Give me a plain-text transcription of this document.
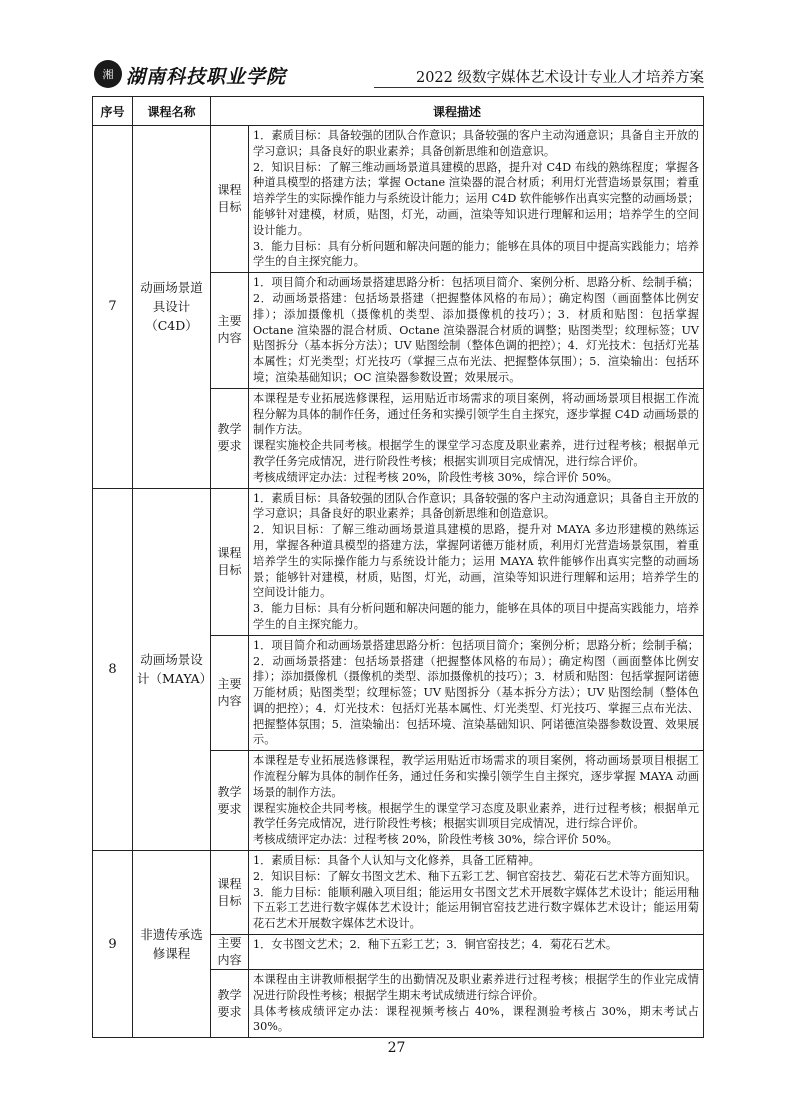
湘 湖南科技职业学院	2022 级数字媒体艺术设计专业人才培养方案
序号	课程名称	课程描述	
7	动画场景道具设计（C4D）	课程目标	1．素质目标：具备较强的团队合作意识；具备较强的客户主动沟通意识；具备自主开放的学习意识；具备良好的职业素养；具备创新思维和创造意识。
2．知识目标：了解三维动画场景道具建模的思路，提升对 C4D 布线的熟练程度；掌握各种道具模型的搭建方法；掌握 Octane 渲染器的混合材质；利用灯光营造场景氛围；着重培养学生的实际操作能力与系统设计能力；运用 C4D 软件能够作出真实完整的动画场景；能够针对建模，材质，贴图，灯光，动画，渲染等知识进行理解和运用；培养学生的空间设计能力。
3．能力目标：具有分析问题和解决问题的能力；能够在具体的项目中提高实践能力；培养学生的自主探究能力。

		主要内容	1．项目简介和动画场景搭建思路分析：包括项目简介、案例分析、思路分析、绘制手稿；2．动画场景搭建：包括场景搭建（把握整体风格的布局）；确定构图（画面整体比例安排）；添加摄像机（摄像机的类型、添加摄像机的技巧）；3．材质和贴图：包括掌握 Octane 渲染器的混合材质、Octane 渲染器混合材质的调整；贴图类型；纹理标签；UV 贴图拆分（基本拆分方法）；UV 贴图绘制（整体色调的把控）；4．灯光技术：包括灯光基本属性；灯光类型；灯光技巧（掌握三点布光法、把握整体氛围）；5．渲染输出：包括环境；渲染基础知识；OC 渲染器参数设置；效果展示。
		教学要求	本课程是专业拓展选修课程，运用贴近市场需求的项目案例，将动画场景项目根据工作流程分解为具体的制作任务，通过任务和实操引领学生自主探究，逐步掌握 C4D 动画场景的制作方法。
课程实施校企共同考核。根据学生的课堂学习态度及职业素养，进行过程考核；根据单元教学任务完成情况，进行阶段性考核；根据实训项目完成情况，进行综合评价。
考核成绩评定办法：过程考核 20%，阶段性考核 30%，综合评价 50%。

8	动画场景设计（MAYA）	课程目标	1．素质目标：具备较强的团队合作意识；具备较强的客户主动沟通意识；具备自主开放的学习意识；具备良好的职业素养；具备创新思维和创造意识。
2．知识目标：了解三维动画场景道具建模的思路，提升对 MAYA 多边形建模的熟练运用，掌握各种道具模型的搭建方法，掌握阿诺德万能材质，利用灯光营造场景氛围，着重培养学生的实际操作能力与系统设计能力；运用 MAYA 软件能够作出真实完整的动画场景；能够针对建模，材质，贴图，灯光，动画，渲染等知识进行理解和运用；培养学生的空间设计能力。
3．能力目标：具有分析问题和解决问题的能力，能够在具体的项目中提高实践能力，培养学生的自主探究能力。

		主要内容	1．项目简介和动画场景搭建思路分析：包括项目简介；案例分析；思路分析；绘制手稿；2．动画场景搭建：包括场景搭建（把握整体风格的布局）；确定构图（画面整体比例安排）；添加摄像机（摄像机的类型、添加摄像机的技巧）；3．材质和贴图：包括掌握阿诺德万能材质；贴图类型；纹理标签；UV 贴图拆分（基本拆分方法）；UV 贴图绘制（整体色调的把控）；4．灯光技术：包括灯光基本属性、灯光类型、灯光技巧、掌握三点布光法、把握整体氛围；5．渲染输出：包括环境、渲染基础知识、阿诺德渲染器参数设置、效果展示。
		教学要求	本课程是专业拓展选修课程，教学运用贴近市场需求的项目案例，将动画场景项目根据工作流程分解为具体的制作任务，通过任务和实操引领学生自主探究，逐步掌握 MAYA 动画场景的制作方法。
课程实施校企共同考核。根据学生的课堂学习态度及职业素养，进行过程考核；根据单元教学任务完成情况，进行阶段性考核；根据实训项目完成情况，进行综合评价。
考核成绩评定办法：过程考核 20%，阶段性考核 30%，综合评价 50%。

9	非遗传承选修课程	课程目标	1．素质目标：具备个人认知与文化修养，具备工匠精神。
2．知识目标：了解女书图文艺术、釉下五彩工艺、铜官窑技艺、菊花石艺术等方面知识。
3．能力目标：能顺利融入项目组；能运用女书图文艺术开展数字媒体艺术设计；能运用釉下五彩工艺进行数字媒体艺术设计；能运用铜官窑技艺进行数字媒体艺术设计；能运用菊花石艺术开展数字媒体艺术设计。

		主要内容	1．女书图文艺术；2．釉下五彩工艺；3．铜官窑技艺；4．菊花石艺术。
		教学要求	本课程由主讲教师根据学生的出勤情况及职业素养进行过程考核；根据学生的作业完成情况进行阶段性考核；根据学生期末考试成绩进行综合评价。
具体考核成绩评定办法：课程视频考核占 40%，课程测验考核占 30%，期末考试占 30%。
27
